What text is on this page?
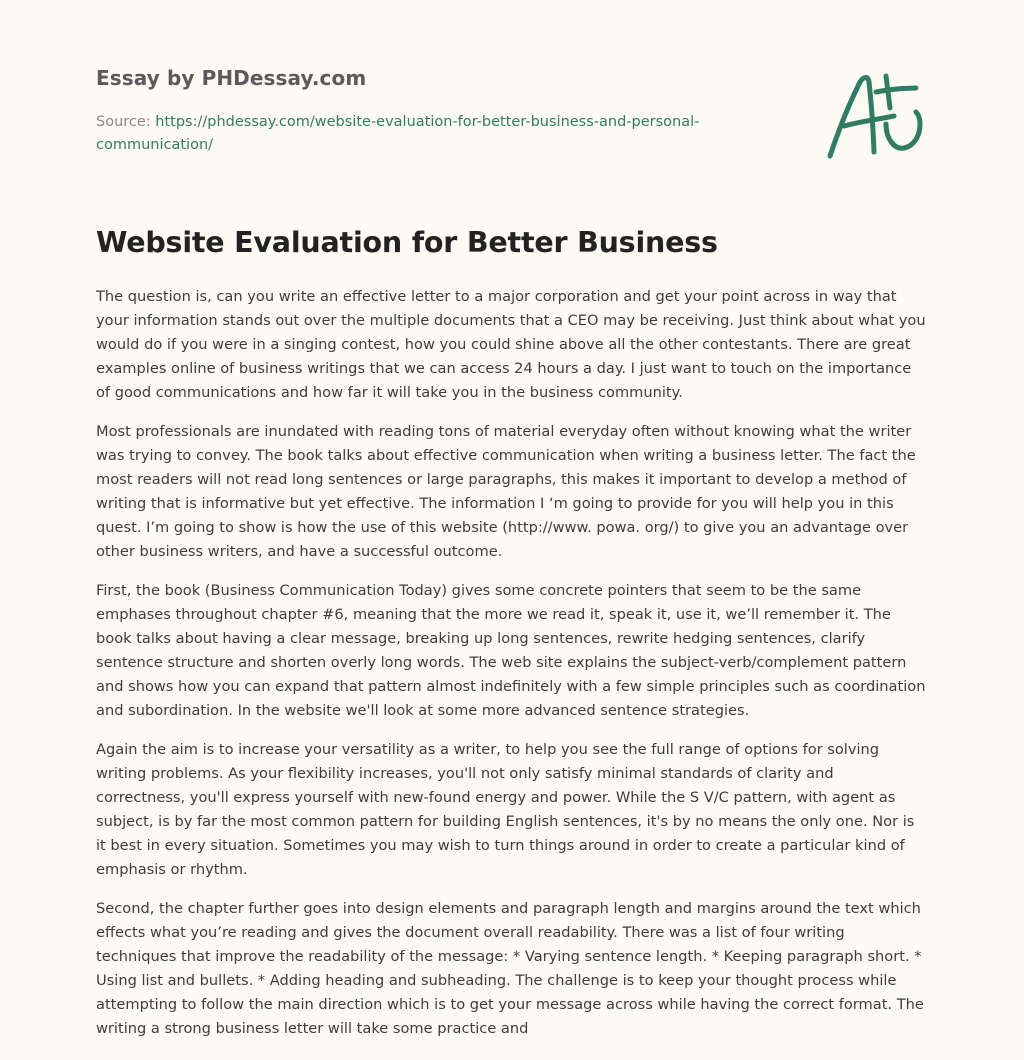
Essay by PHDessay.com

Source: https://phdessay.com/website-evaluation-for-better-business-and-personal-communication/

Website Evaluation for Better Business

The question is, can you write an effective letter to a major corporation and get your point across in way that your information stands out over the multiple documents that a CEO may be receiving. Just think about what you would do if you were in a singing contest, how you could shine above all the other contestants. There are great examples online of business writings that we can access 24 hours a day. I just want to touch on the importance of good communications and how far it will take you in the business community.

Most professionals are inundated with reading tons of material everyday often without knowing what the writer was trying to convey. The book talks about effective communication when writing a business letter. The fact the most readers will not read long sentences or large paragraphs, this makes it important to develop a method of writing that is informative but yet effective. The information I ‘m going to provide for you will help you in this quest. I’m going to show is how the use of this website (http://www. powa. org/) to give you an advantage over other business writers, and have a successful outcome.

First, the book (Business Communication Today) gives some concrete pointers that seem to be the same emphases throughout chapter #6, meaning that the more we read it, speak it, use it, we’ll remember it. The book talks about having a clear message, breaking up long sentences, rewrite hedging sentences, clarify sentence structure and shorten overly long words. The web site explains the subject-verb/complement pattern and shows how you can expand that pattern almost indefinitely with a few simple principles such as coordination and subordination. In the website we'll look at some more advanced sentence strategies.

Again the aim is to increase your versatility as a writer, to help you see the full range of options for solving writing problems. As your flexibility increases, you'll not only satisfy minimal standards of clarity and correctness, you'll express yourself with new-found energy and power. While the S V/C pattern, with agent as subject, is by far the most common pattern for building English sentences, it's by no means the only one. Nor is it best in every situation. Sometimes you may wish to turn things around in order to create a particular kind of emphasis or rhythm.

Second, the chapter further goes into design elements and paragraph length and margins around the text which effects what you’re reading and gives the document overall readability. There was a list of four writing techniques that improve the readability of the message: * Varying sentence length. * Keeping paragraph short. * Using list and bullets. * Adding heading and subheading. The challenge is to keep your thought process while attempting to follow the main direction which is to get your message across while having the correct format. The writing a strong business letter will take some practice and
